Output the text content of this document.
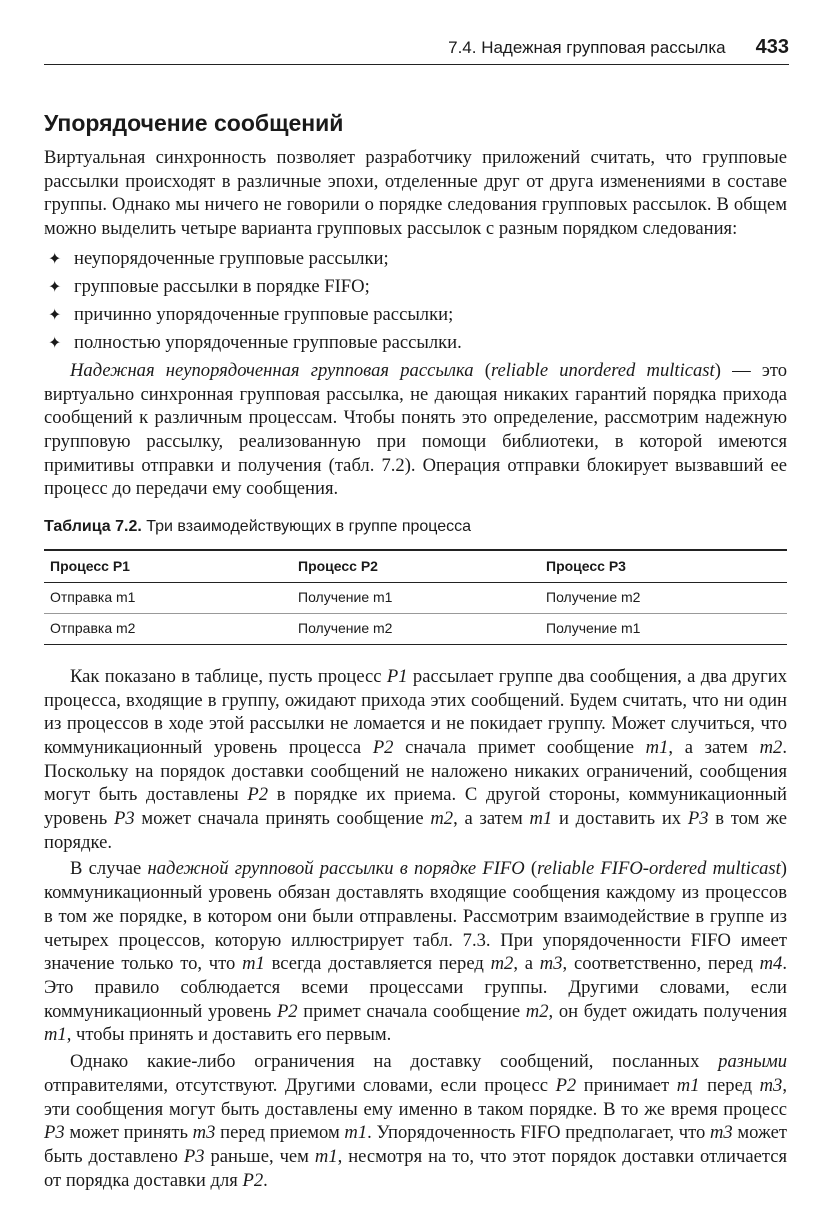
7.4. Надежная групповая рассылка 433
Упорядочение сообщений

Виртуальная синхронность позволяет разработчику приложений считать, что групповые рассылки происходят в различные эпохи, отделенные друг от друга изменениями в составе группы. Однако мы ничего не говорили о порядке следования групповых рассылок. В общем можно выделить четыре варианта групповых рассылок с разным порядком следования:

✦ неупорядоченные групповые рассылки;
✦ групповые рассылки в порядке FIFO;
✦ причинно упорядоченные групповые рассылки;
✦ полностью упорядоченные групповые рассылки.

Надежная неупорядоченная групповая рассылка (reliable unordered multicast) — это виртуально синхронная групповая рассылка, не дающая никаких гарантий порядка прихода сообщений к различным процессам. Чтобы понять это определение, рассмотрим надежную групповую рассылку, реализованную при помощи библиотеки, в которой имеются примитивы отправки и получения (табл. 7.2). Операция отправки блокирует вызвавший ее процесс до передачи ему сообщения.

Таблица 7.2. Три взаимодействующих в группе процесса
Процесс P1	Процесс P2	Процесс P3
Отправка m1	Получение m1	Получение m2
Отправка m2	Получение m2	Получение m1

Как показано в таблице, пусть процесс P1 рассылает группе два сообщения, а два других процесса, входящие в группу, ожидают прихода этих сообщений. Будем считать, что ни один из процессов в ходе этой рассылки не ломается и не покидает группу. Может случиться, что коммуникационный уровень процесса P2 сначала примет сообщение m1, а затем m2. Поскольку на порядок доставки сообщений не наложено никаких ограничений, сообщения могут быть доставлены P2 в порядке их приема. С другой стороны, коммуникационный уровень P3 может сначала принять сообщение m2, а затем m1 и доставить их P3 в том же порядке.

В случае надежной групповой рассылки в порядке FIFO (reliable FIFO-ordered multicast) коммуникационный уровень обязан доставлять входящие сообщения каждому из процессов в том же порядке, в котором они были отправлены. Рассмотрим взаимодействие в группе из четырех процессов, которую иллюстрирует табл. 7.3. При упорядоченности FIFO имеет значение только то, что m1 всегда доставляется перед m2, а m3, соответственно, перед m4. Это правило соблюдается всеми процессами группы. Другими словами, если коммуникационный уровень P2 примет сначала сообщение m2, он будет ожидать получения m1, чтобы принять и доставить его первым.

Однако какие-либо ограничения на доставку сообщений, посланных разными отправителями, отсутствуют. Другими словами, если процесс P2 принимает m1 перед m3, эти сообщения могут быть доставлены ему именно в таком порядке. В то же время процесс P3 может принять m3 перед приемом m1. Упорядоченность FIFO предполагает, что m3 может быть доставлено P3 раньше, чем m1, несмотря на то, что этот порядок доставки отличается от порядка доставки для P2.
